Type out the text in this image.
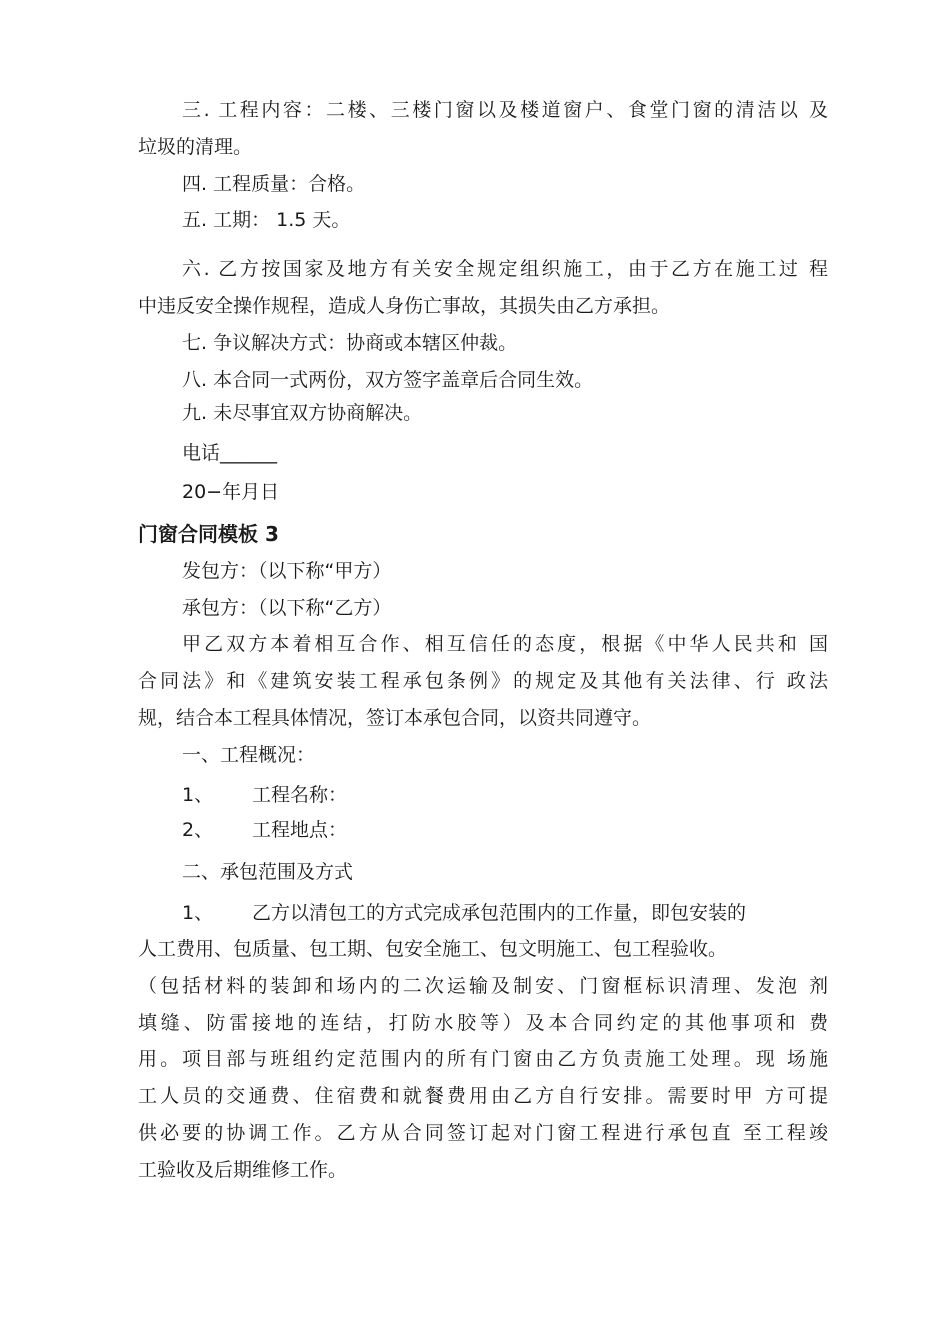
三. 工程内容：二楼、三楼门窗以及楼道窗户、食堂门窗的清洁以 及
垃圾的清理。
四. 工程质量：合格。
五. 工期： 1.5 天。
六. 乙方按国家及地方有关安全规定组织施工，由于乙方在施工过 程
中违反安全操作规程，造成人身伤亡事故，其损失由乙方承担。
七. 争议解决方式：协商或本辖区仲裁。
八. 本合同一式两份，双方签字盖章后合同生效。
九. 未尽事宜双方协商解决。
电话______
20−年月日
门窗合同模板 3
发包方：（以下称“甲方）
承包方：（以下称“乙方）
甲乙双方本着相互合作、相互信任的态度，根据《中华人民共和 国
合同法》和《建筑安装工程承包条例》的规定及其他有关法律、行 政法
规，结合本工程具体情况，签订本承包合同，以资共同遵守。
一、工程概况：
1、 工程名称：
2、 工程地点：
二、承包范围及方式
1、 乙方以清包工的方式完成承包范围内的工作量，即包安装的
人工费用、包质量、包工期、包安全施工、包文明施工、包工程验收。
（包括材料的装卸和场内的二次运输及制安、门窗框标识清理、发泡 剂
填缝、防雷接地的连结，打防水胶等）及本合同约定的其他事项和 费
用。项目部与班组约定范围内的所有门窗由乙方负责施工处理。现 场施
工人员的交通费、住宿费和就餐费用由乙方自行安排。需要时甲 方可提
供必要的协调工作。乙方从合同签订起对门窗工程进行承包直 至工程竣
工验收及后期维修工作。
